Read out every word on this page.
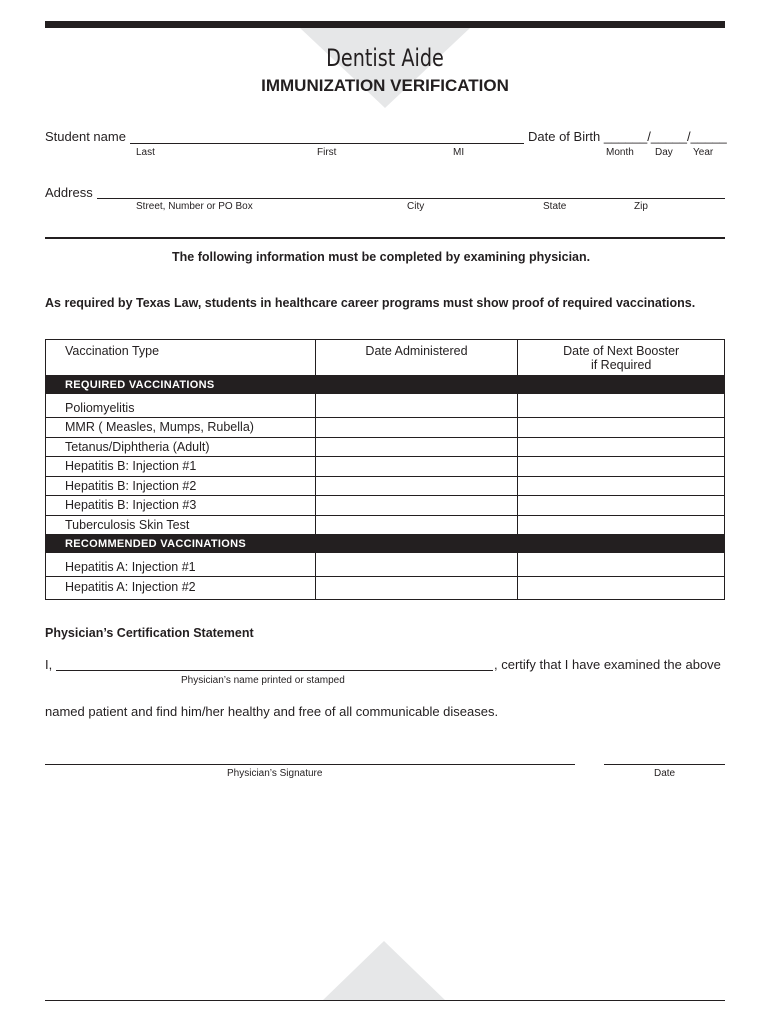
Dentist Aide
IMMUNIZATION VERIFICATION
Student name	Date of Birth ______/_____/_____
Last	First	MI	Month Day Year
Address
Street, Number or PO Box	City	State	Zip
The following information must be completed by examining physician.
As required by Texas Law, students in healthcare career programs must show proof of required vaccinations.
Vaccination Type	Date Administered	Date of Next Booster
if Required
REQUIRED VACCINATIONS		
Poliomyelitis		
MMR ( Measles, Mumps, Rubella)		
Tetanus/Diphtheria (Adult)		
Hepatitis B: Injection #1		
Hepatitis B: Injection #2		
Hepatitis B: Injection #3		
Tuberculosis Skin Test		
RECOMMENDED VACCINATIONS		
Hepatitis A: Injection #1		
Hepatitis A: Injection #2		
Physician’s Certification Statement
I,	, certify that I have examined the above
Physician’s name printed or stamped
named patient and find him/her healthy and free of all communicable diseases.
Physician’s Signature	Date
